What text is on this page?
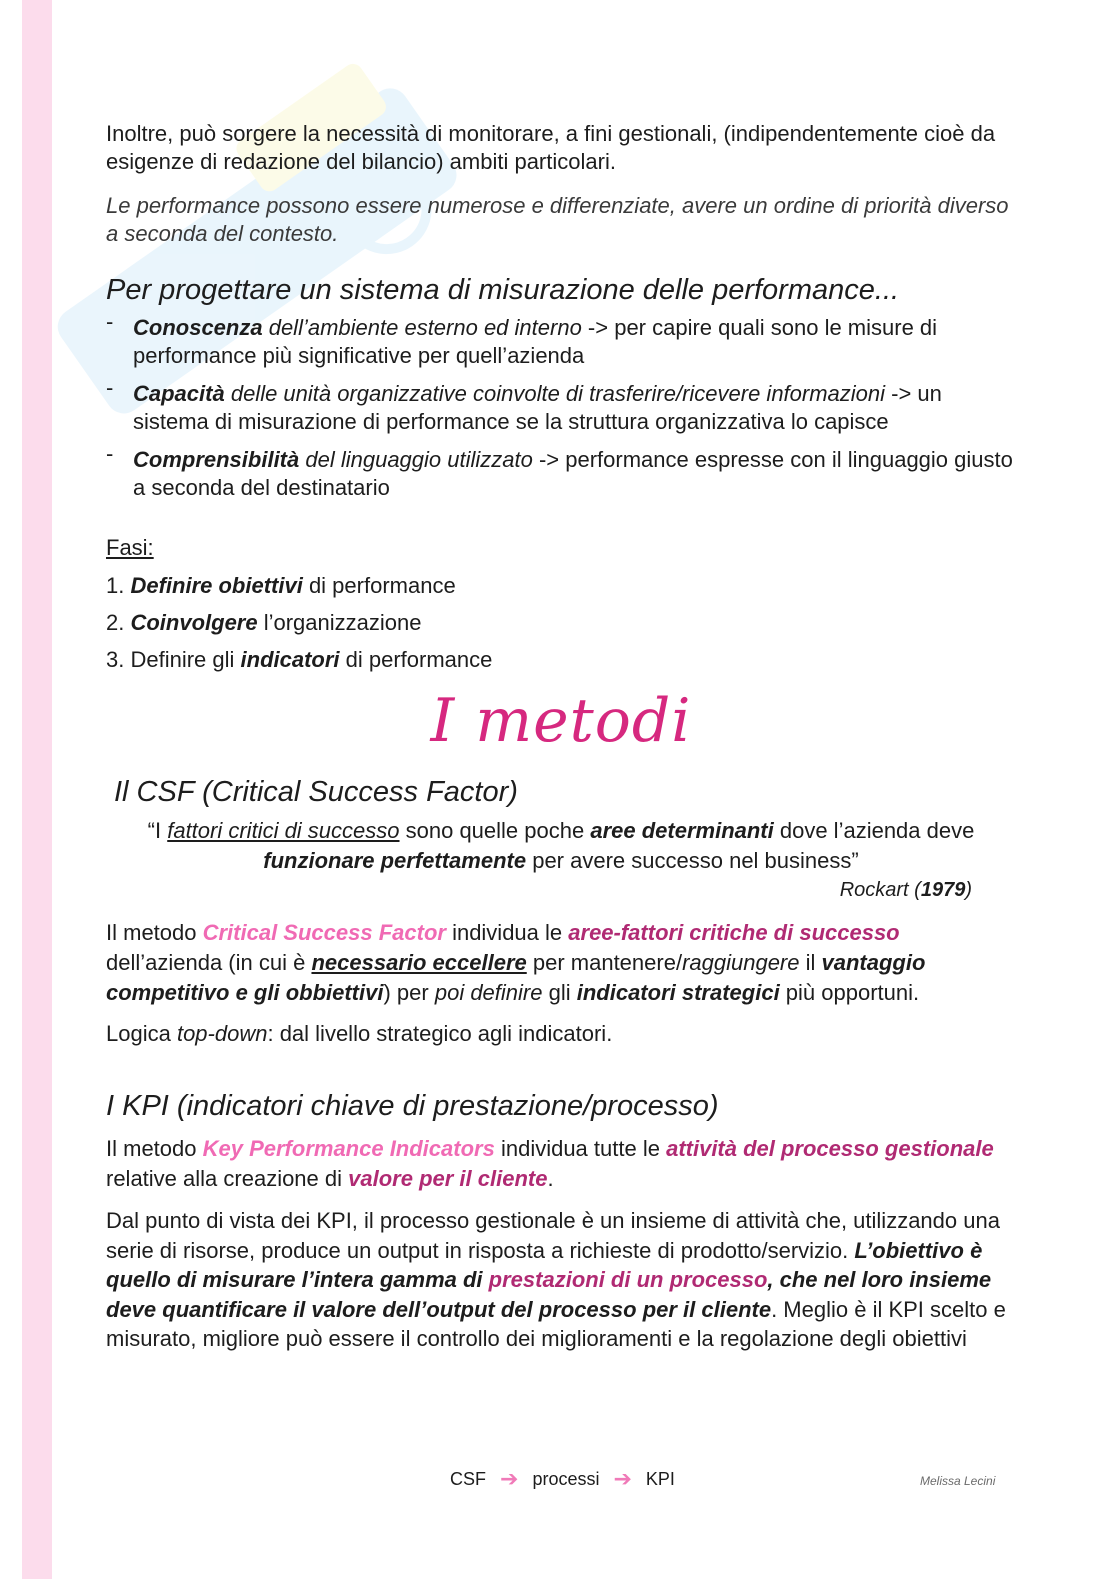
Inoltre, può sorgere la necessità di monitorare, a fini gestionali, (indipendentemente cioè da esigenze di redazione del bilancio) ambiti particolari.

Le performance possono essere numerose e differenziate, avere un ordine di priorità diverso a seconda del contesto.

Per progettare un sistema di misurazione delle performance...
- Conoscenza dell’ambiente esterno ed interno -> per capire quali sono le misure di performance più significative per quell’azienda
- Capacità delle unità organizzative coinvolte di trasferire/ricevere informazioni -> un sistema di misurazione di performance se la struttura organizzativa lo capisce
- Comprensibilità del linguaggio utilizzato -> performance espresse con il linguaggio giusto a seconda del destinatario

Fasi:

1. Definire obiettivi di performance

2. Coinvolgere l’organizzazione

3. Definire gli indicatori di performance

I metodi
Il CSF (Critical Success Factor)

“I fattori critici di successo sono quelle poche aree determinanti dove l’azienda deve funzionare perfettamente per avere successo nel business”

Rockart (1979)

Il metodo Critical Success Factor individua le aree-fattori critiche di successo dell’azienda (in cui è necessario eccellere per mantenere/raggiungere il vantaggio competitivo e gli obbiettivi) per poi definire gli indicatori strategici più opportuni.

Logica top-down: dal livello strategico agli indicatori.

I KPI (indicatori chiave di prestazione/processo)

Il metodo Key Performance Indicators individua tutte le attività del processo gestionale relative alla creazione di valore per il cliente.

Dal punto di vista dei KPI, il processo gestionale è un insieme di attività che, utilizzando una serie di risorse, produce un output in risposta a richieste di prodotto/servizio. L’obiettivo è quello di misurare l’intera gamma di prestazioni di un processo, che nel loro insieme deve quantificare il valore dell’output del processo per il cliente. Meglio è il KPI scelto e misurato, migliore può essere il controllo dei miglioramenti e la regolazione degli obiettivi

CSF ➔ processi ➔ KPI	Melissa Lecini
